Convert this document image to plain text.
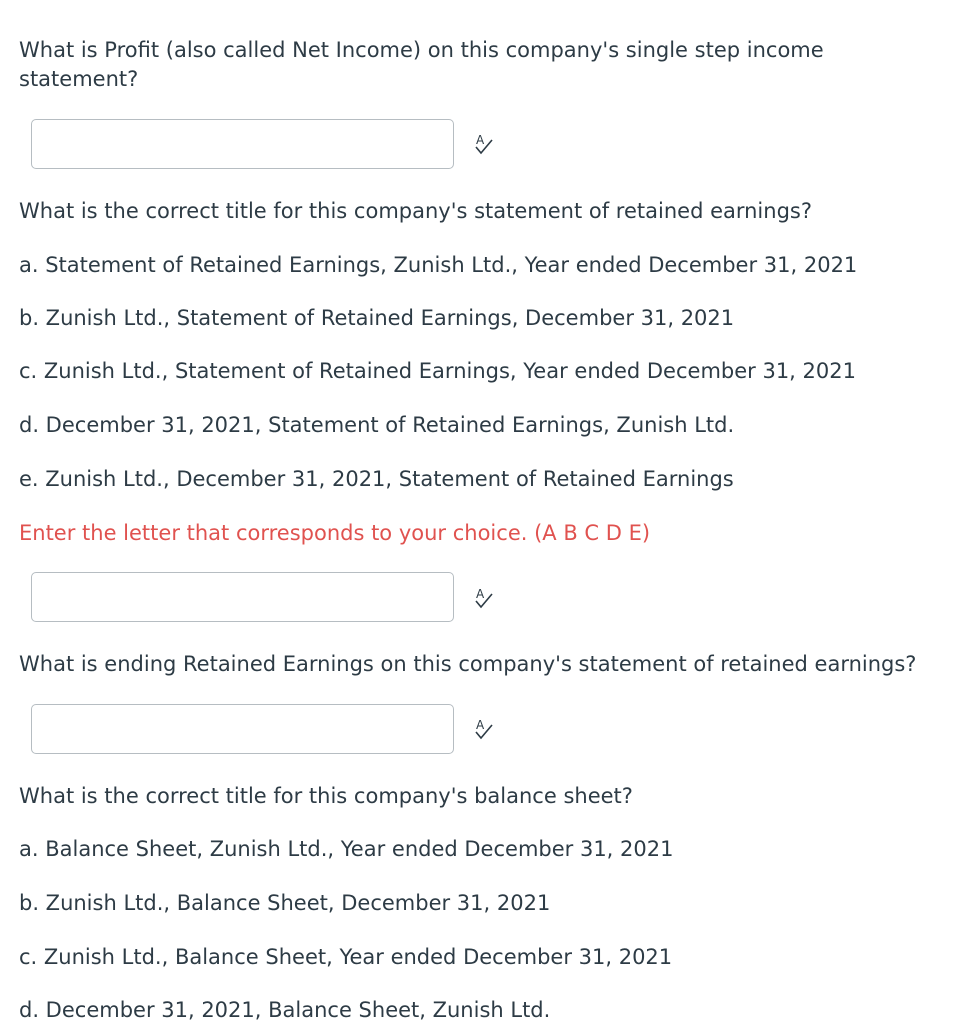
What is Profit (also called Net Income) on this company's single step income statement?

A

What is the correct title for this company's statement of retained earnings?

a. Statement of Retained Earnings, Zunish Ltd., Year ended December 31, 2021

b. Zunish Ltd., Statement of Retained Earnings, December 31, 2021

c. Zunish Ltd., Statement of Retained Earnings, Year ended December 31, 2021

d. December 31, 2021, Statement of Retained Earnings, Zunish Ltd.

e. Zunish Ltd., December 31, 2021, Statement of Retained Earnings

Enter the letter that corresponds to your choice. (A B C D E)

A

What is ending Retained Earnings on this company's statement of retained earnings?

A

What is the correct title for this company's balance sheet?

a. Balance Sheet, Zunish Ltd., Year ended December 31, 2021

b. Zunish Ltd., Balance Sheet, December 31, 2021

c. Zunish Ltd., Balance Sheet, Year ended December 31, 2021

d. December 31, 2021, Balance Sheet, Zunish Ltd.
